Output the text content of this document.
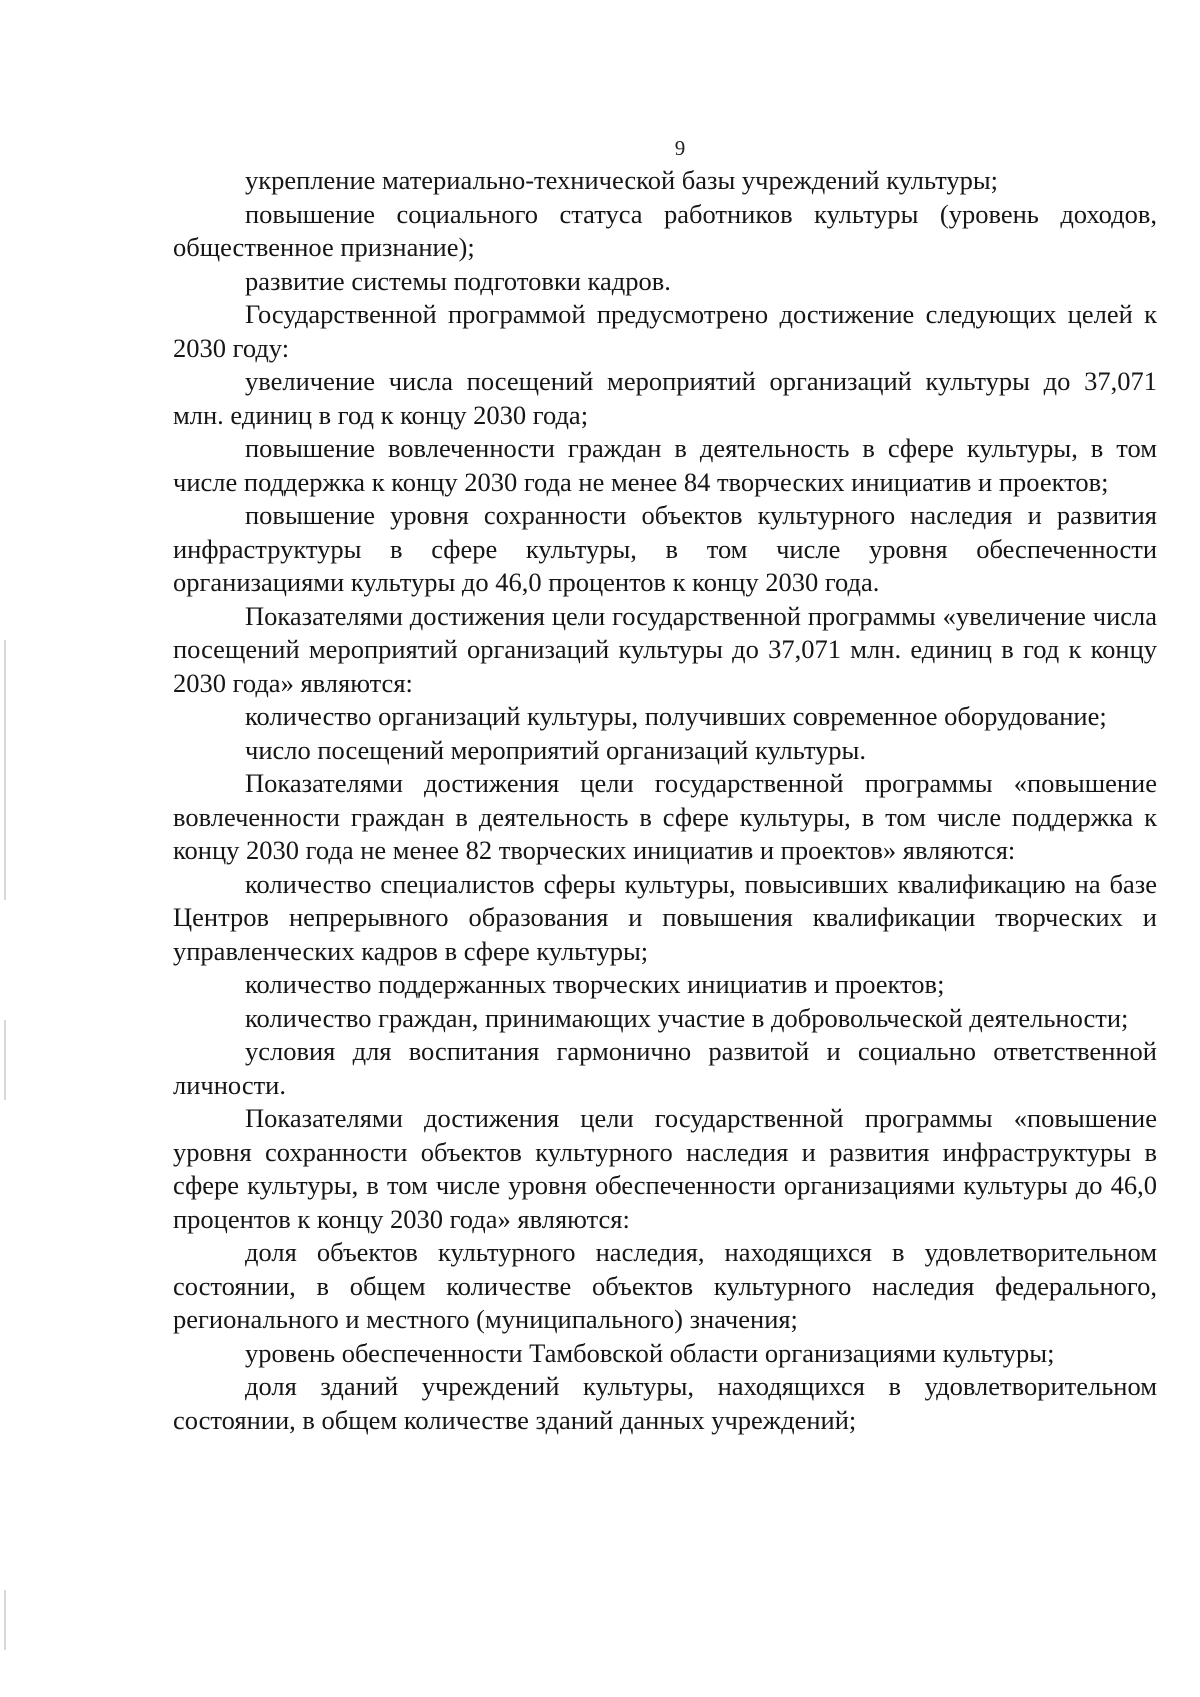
9

укрепление материально-технической базы учреждений культуры;

повышение социального статуса работников культуры (уровень доходов, общественное признание);

развитие системы подготовки кадров.

Государственной программой предусмотрено достижение следующих целей к 2030 году:

увеличение числа посещений мероприятий организаций культуры до 37,071 млн. единиц в год к концу 2030 года;

повышение вовлеченности граждан в деятельность в сфере культуры, в том числе поддержка к концу 2030 года не менее 84 творческих инициатив и проектов;

повышение уровня сохранности объектов культурного наследия и развития инфраструктуры в сфере культуры, в том числе уровня обеспеченности организациями культуры до 46,0 процентов к концу 2030 года.

Показателями достижения цели государственной программы «увеличение числа посещений мероприятий организаций культуры до 37,071 млн. единиц в год к концу 2030 года» являются:

количество организаций культуры, получивших современное оборудование;

число посещений мероприятий организаций культуры.

Показателями достижения цели государственной программы «повышение вовлеченности граждан в деятельность в сфере культуры, в том числе поддержка к концу 2030 года не менее 82 творческих инициатив и проектов» являются:

количество специалистов сферы культуры, повысивших квалификацию на базе Центров непрерывного образования и повышения квалификации творческих и управленческих кадров в сфере культуры;

количество поддержанных творческих инициатив и проектов;

количество граждан, принимающих участие в добровольческой деятельности;

условия для воспитания гармонично развитой и социально ответственной личности.

Показателями достижения цели государственной программы «повышение уровня сохранности объектов культурного наследия и развития инфраструктуры в сфере культуры, в том числе уровня обеспеченности организациями культуры до 46,0 процентов к концу 2030 года» являются:

доля объектов культурного наследия, находящихся в удовлетворительном состоянии, в общем количестве объектов культурного наследия федерального, регионального и местного (муниципального) значения;

уровень обеспеченности Тамбовской области организациями культуры;

доля зданий учреждений культуры, находящихся в удовлетворительном состоянии, в общем количестве зданий данных учреждений;
